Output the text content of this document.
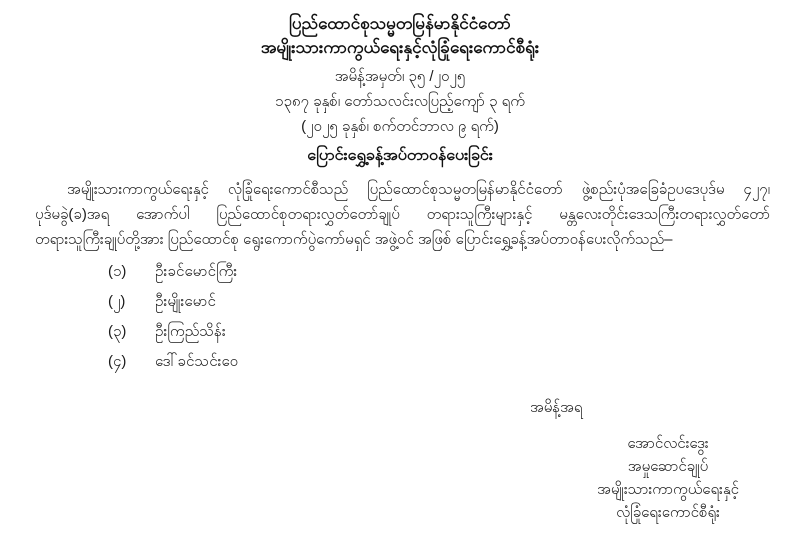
ပြည်ထောင်စုသမ္မတမြန်မာနိုင်ငံတော်
အမျိုးသားကာကွယ်ရေးနှင့်လုံခြုံရေးကောင်စီရုံး
အမိန့်အမှတ်၊ ၃၅ /၂၀၂၅
၁၃၈၇ ခုနှစ်၊ တော်သလင်းလပြည့်ကျော် ၃ ရက်
(၂၀၂၅ ခုနှစ်၊ စက်တင်ဘာလ ၉ ရက်)
ပြောင်းရွှေ့ခန့်အပ်တာဝန်ပေးခြင်း

အမျိုးသားကာကွယ်ရေးနှင့် လုံခြုံရေးကောင်စီသည် ပြည်ထောင်စုသမ္မတမြန်မာနိုင်ငံတော် ဖွဲ့စည်းပုံအခြေခံဥပဒေပုဒ်မ ၄၂၇၊ ပုဒ်မခွဲ(ခ)အရ အောက်ပါ ပြည်ထောင်စုတရားလွှတ်တော်ချုပ် တရားသူကြီးများနှင့် မန္တလေးတိုင်းဒေသကြီးတရားလွှတ်တော် တရားသူကြီးချုပ်တို့အား ပြည်ထောင်စု ရွေးကောက်ပွဲကော်မရှင် အဖွဲ့ဝင် အဖြစ် ပြောင်းရွှေ့ခန့်အပ်တာဝန်ပေးလိုက်သည်–

(၁)	ဦးခင်မောင်ကြီး
(၂)	ဦးမျိုးမောင်
(၃)	ဦးကြည်သိန်း
(၄)	ဒေါ်ခင်သင်းဝေ
အမိန့်အရ
အောင်လင်းဒွေး
အမှုဆောင်ချုပ်
အမျိုးသားကာကွယ်ရေးနှင့်
လုံခြုံရေးကောင်စီရုံး
